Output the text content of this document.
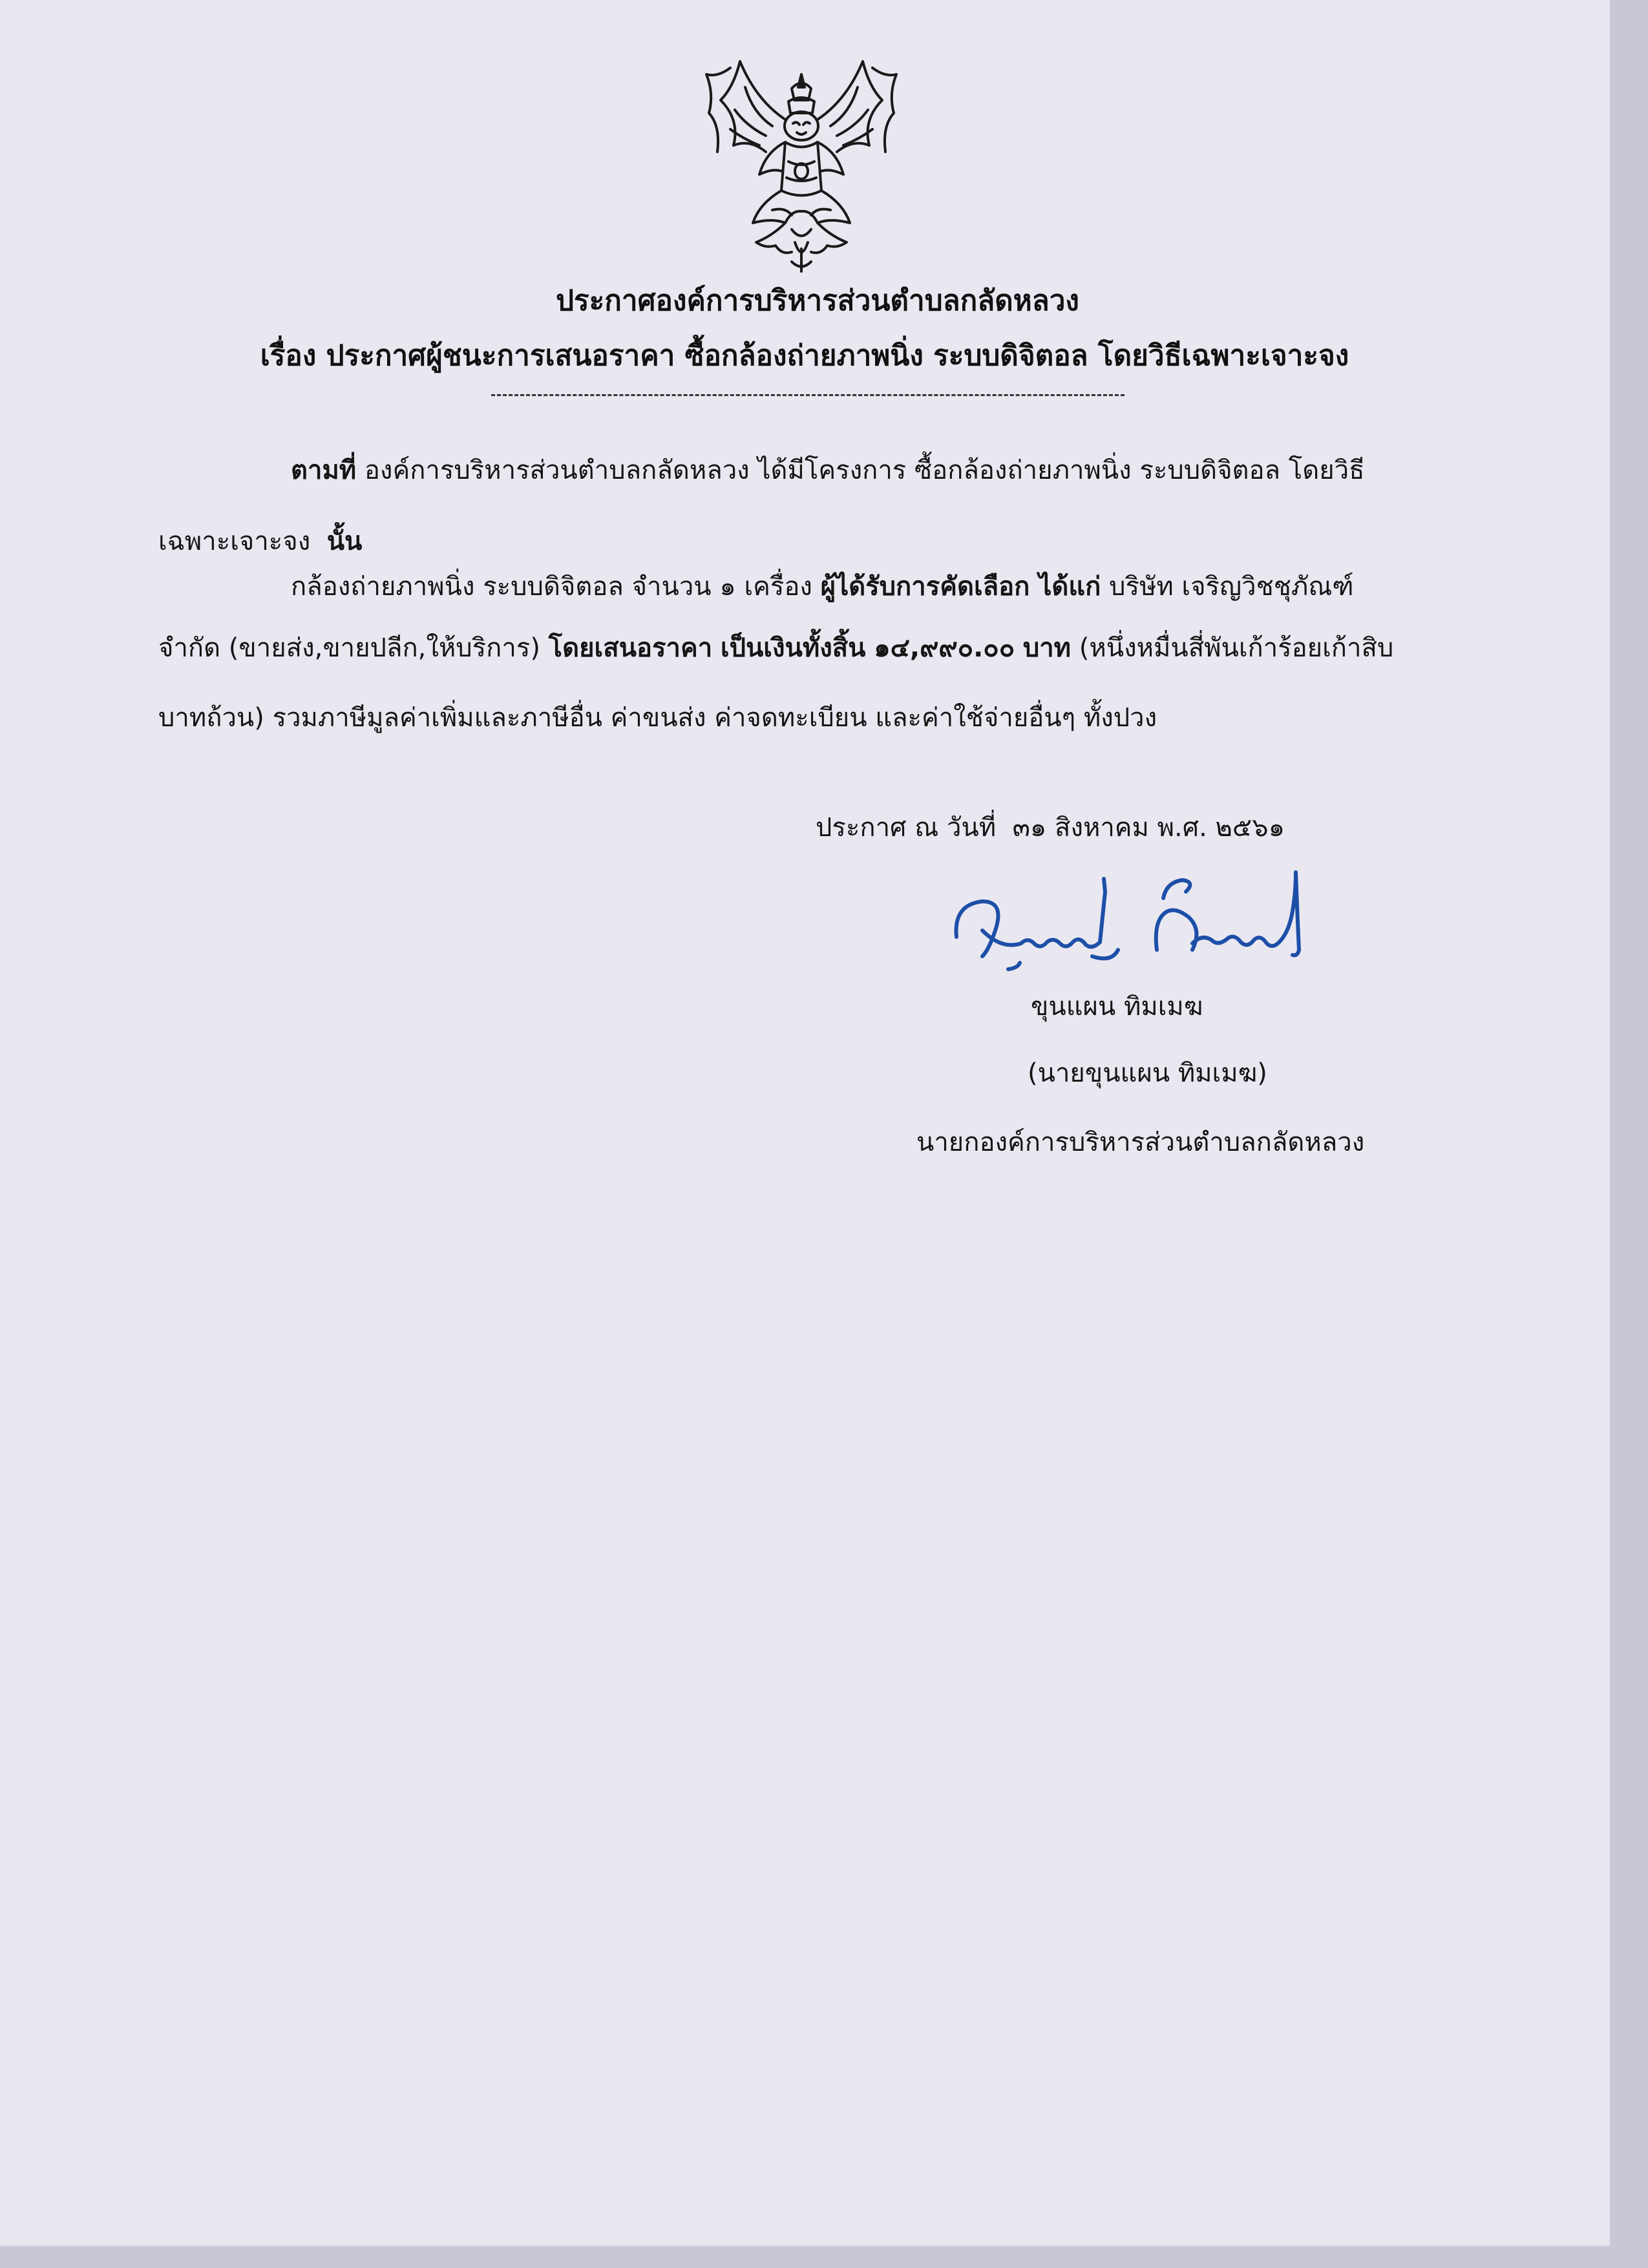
ประกาศองค์การบริหารส่วนตำบลกลัดหลวง
เรื่อง ประกาศผู้ชนะการเสนอราคา ซื้อกล้องถ่ายภาพนิ่ง ระบบดิจิตอล โดยวิธีเฉพาะเจาะจง
ตามที่ องค์การบริหารส่วนตำบลกลัดหลวง ได้มีโครงการ ซื้อกล้องถ่ายภาพนิ่ง ระบบดิจิตอล โดยวิธี
เฉพาะเจาะจง นั้น
กล้องถ่ายภาพนิ่ง ระบบดิจิตอล จำนวน ๑ เครื่อง ผู้ได้รับการคัดเลือก ได้แก่ บริษัท เจริญวิชชุภัณฑ์
จำกัด (ขายส่ง,ขายปลีก,ให้บริการ) โดยเสนอราคา เป็นเงินทั้งสิ้น ๑๔,๙๙๐.๐๐ บาท (หนึ่งหมื่นสี่พันเก้าร้อยเก้าสิบ
บาทถ้วน) รวมภาษีมูลค่าเพิ่มและภาษีอื่น ค่าขนส่ง ค่าจดทะเบียน และค่าใช้จ่ายอื่นๆ ทั้งปวง
ประกาศ ณ วันที่ ๓๑ สิงหาคม พ.ศ. ๒๕๖๑
ขุนแผน ทิมเมฆ
(นายขุนแผน ทิมเมฆ)
นายกองค์การบริหารส่วนตำบลกลัดหลวง
